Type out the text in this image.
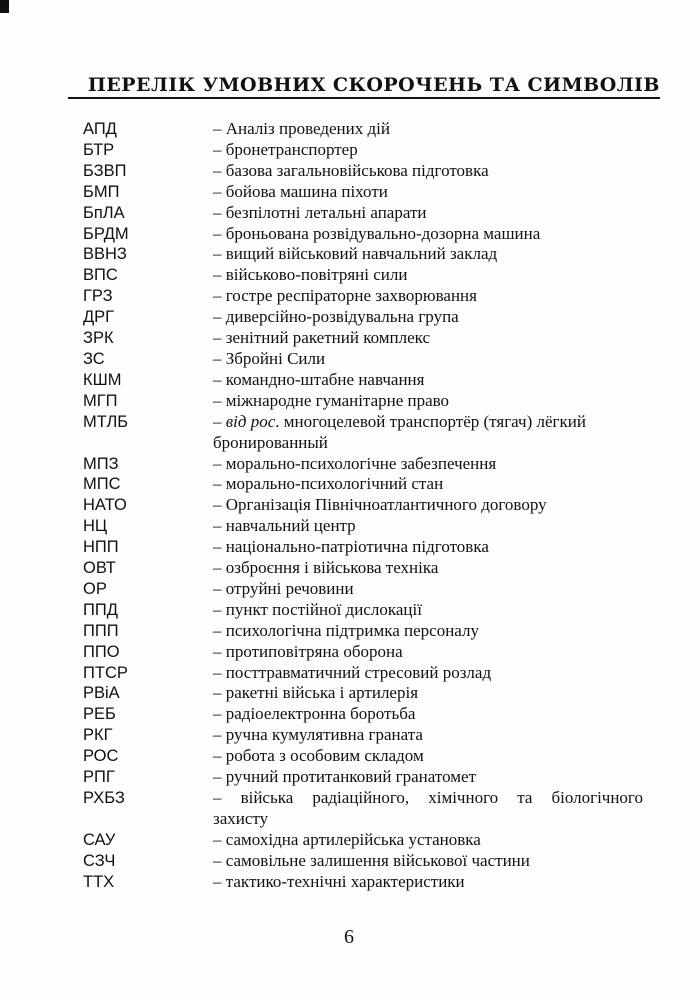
ПЕРЕЛІК УМОВНИХ СКОРОЧЕНЬ ТА СИМВОЛІВ
АПД	– Аналіз проведених дій
БТР	– бронетранспортер
БЗВП	– базова загальновійськова підготовка
БМП	– бойова машина піхоти
БпЛА	– безпілотні летальні апарати
БРДМ	– броньована розвідувально-дозорна машина
ВВНЗ	– вищий військовий навчальний заклад
ВПС	– військово-повітряні сили
ГРЗ	– гостре респіраторне захворювання
ДРГ	– диверсійно-розвідувальна група
ЗРК	– зенітний ракетний комплекс
ЗС	– Збройні Сили
КШМ	– командно-штабне навчання
МГП	– міжнародне гуманітарне право
МТЛБ	– від рос. многоцелевой транспортёр (тягач) лёгкий бронированный
МПЗ	– морально-психологічне забезпечення
МПС	– морально-психологічний стан
НАТО	– Організація Північноатлантичного договору
НЦ	– навчальний центр
НПП	– національно-патріотична підготовка
ОВТ	– озброєння і військова техніка
ОР	– отруйні речовини
ППД	– пункт постійної дислокації
ППП	– психологічна підтримка персоналу
ППО	– протиповітряна оборона
ПТСР	– посттравматичний стресовий розлад
РВіА	– ракетні війська і артилерія
РЕБ	– радіоелектронна боротьба
РКГ	– ручна кумулятивна граната
РОС	– робота з особовим складом
РПГ	– ручний протитанковий гранатомет
РХБЗ	– війська радіаційного, хімічного та біологічного захисту
САУ	– самохідна артилерійська установка
СЗЧ	– самовільне залишення військової частини
ТТХ	– тактико-технічні характеристики
6
